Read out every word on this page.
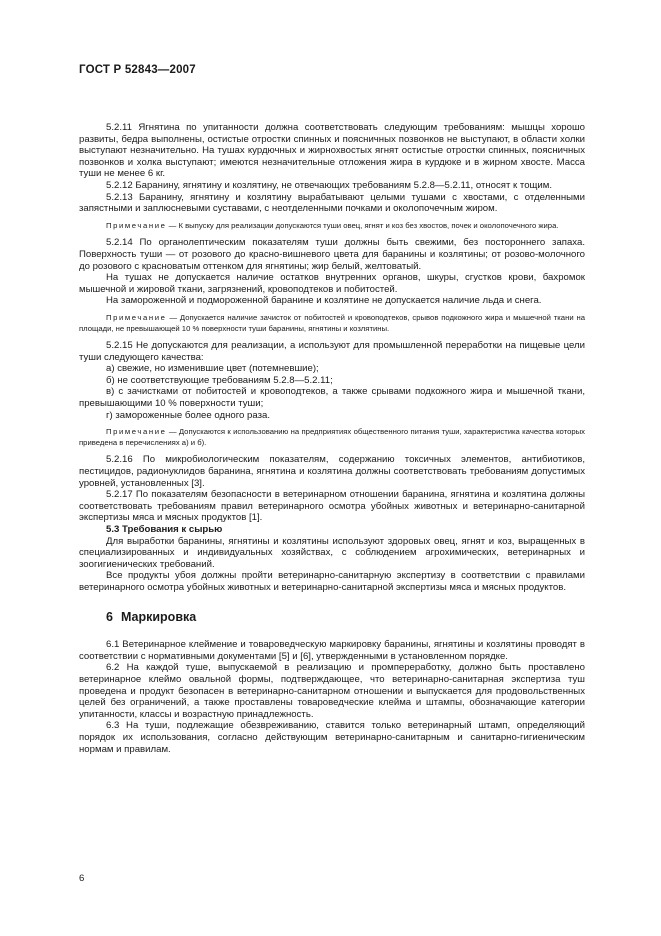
ГОСТ Р 52843—2007

5.2.11 Ягнятина по упитанности должна соответствовать следующим требованиям: мышцы хорошо развиты, бедра выполнены, остистые отростки спинных и поясничных позвонков не выступают, в области холки выступают незначительно. На тушах курдючных и жирнохвостых ягнят остистые отростки спинных, поясничных позвонков и холка выступают; имеются незначительные отложения жира в курдюке и в жирном хвосте. Масса туши не менее 6 кг.

5.2.12 Баранину, ягнятину и козлятину, не отвечающих требованиям 5.2.8—5.2.11, относят к тощим.

5.2.13 Баранину, ягнятину и козлятину вырабатывают целыми тушами с хвостами, с отделенными запястными и заплюсневыми суставами, с неотделенными почками и околопочечным жиром.

Примечание — К выпуску для реализации допускаются туши овец, ягнят и коз без хвостов, почек и околопочечного жира.

5.2.14 По органолептическим показателям туши должны быть свежими, без постороннего запаха. Поверхность туши — от розового до красно-вишневого цвета для баранины и козлятины; от розово-молочного до розового с красноватым оттенком для ягнятины; жир белый, желтоватый.

На тушах не допускается наличие остатков внутренних органов, шкуры, сгустков крови, бахромок мышечной и жировой ткани, загрязнений, кровоподтеков и побитостей.

На замороженной и подмороженной баранине и козлятине не допускается наличие льда и снега.

Примечание — Допускается наличие зачисток от побитостей и кровоподтеков, срывов подкожного жира и мышечной ткани на площади, не превышающей 10 % поверхности туши баранины, ягнятины и козлятины.

5.2.15 Не допускаются для реализации, а используют для промышленной переработки на пищевые цели туши следующего качества:

а) свежие, но изменившие цвет (потемневшие);

б) не соответствующие требованиям 5.2.8—5.2.11;

в) с зачистками от побитостей и кровоподтеков, а также срывами подкожного жира и мышечной ткани, превышающими 10 % поверхности туши;

г) замороженные более одного раза.

Примечание — Допускаются к использованию на предприятиях общественного питания туши, характеристика качества которых приведена в перечислениях а) и б).

5.2.16 По микробиологическим показателям, содержанию токсичных элементов, антибиотиков, пестицидов, радионуклидов баранина, ягнятина и козлятина должны соответствовать требованиям допустимых уровней, установленных [3].

5.2.17 По показателям безопасности в ветеринарном отношении баранина, ягнятина и козлятина должны соответствовать требованиям правил ветеринарного осмотра убойных животных и ветеринарно-санитарной экспертизы мяса и мясных продуктов [1].

5.3 Требования к сырью

Для выработки баранины, ягнятины и козлятины используют здоровых овец, ягнят и коз, выращенных в специализированных и индивидуальных хозяйствах, с соблюдением агрохимических, ветеринарных и зоогигиенических требований.

Все продукты убоя должны пройти ветеринарно-санитарную экспертизу в соответствии с правилами ветеринарного осмотра убойных животных и ветеринарно-санитарной экспертизы мяса и мясных продуктов.

6 Маркировка

6.1 Ветеринарное клеймение и товароведческую маркировку баранины, ягнятины и козлятины проводят в соответствии с нормативными документами [5] и [6], утвержденными в установленном порядке.

6.2 На каждой туше, выпускаемой в реализацию и промпереработку, должно быть проставлено ветеринарное клеймо овальной формы, подтверждающее, что ветеринарно-санитарная экспертиза туш проведена и продукт безопасен в ветеринарно-санитарном отношении и выпускается для продовольственных целей без ограничений, а также проставлены товароведческие клейма и штампы, обозначающие категории упитанности, классы и возрастную принадлежность.

6.3 На туши, подлежащие обезвреживанию, ставится только ветеринарный штамп, определяющий порядок их использования, согласно действующим ветеринарно-санитарным и санитарно-гигиеническим нормам и правилам.

6
